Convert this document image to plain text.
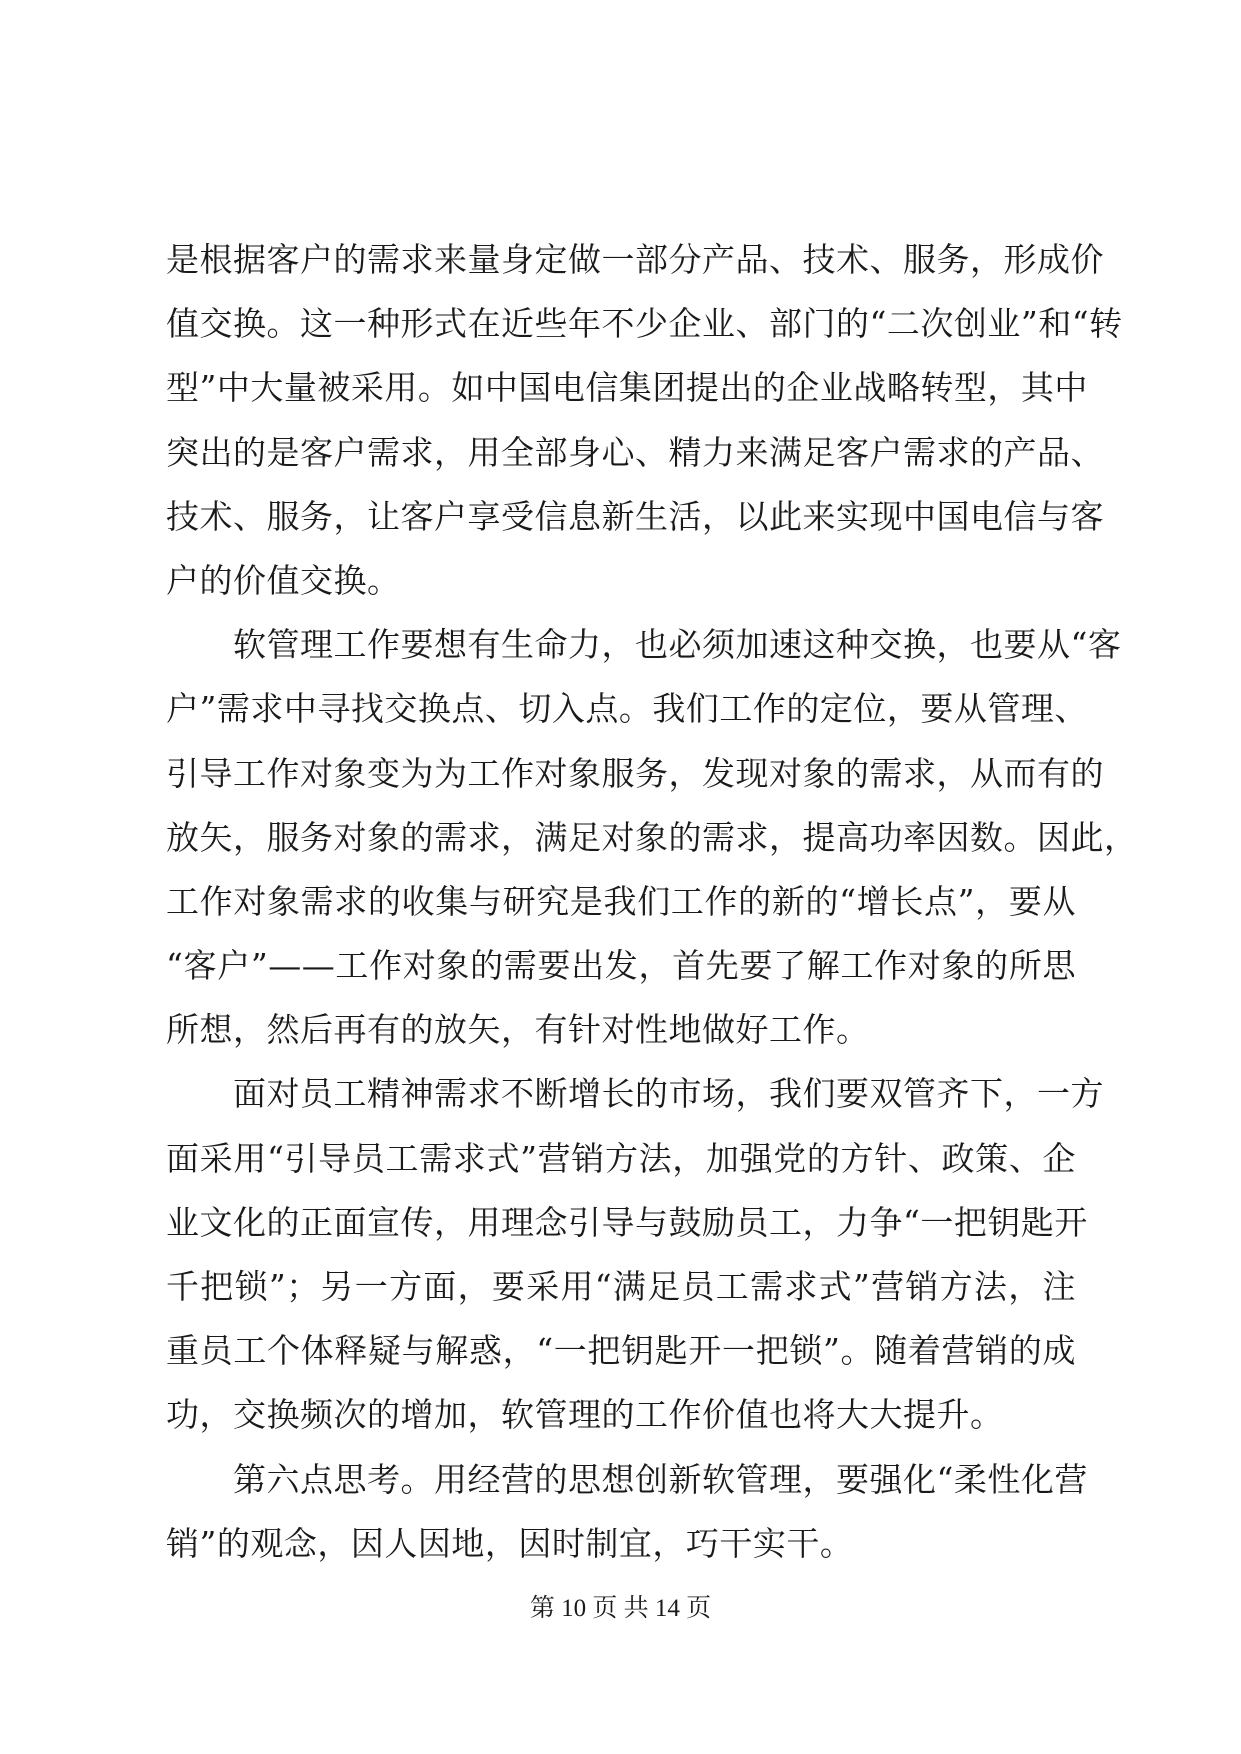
是根据客户的需求来量身定做一部分产品、技术、服务，形成价
值交换。这一种形式在近些年不少企业、部门的“二次创业”和“转
型”中大量被采用。如中国电信集团提出的企业战略转型，其中
突出的是客户需求，用全部身心、精力来满足客户需求的产品、
技术、服务，让客户享受信息新生活，以此来实现中国电信与客
户的价值交换。
软管理工作要想有生命力，也必须加速这种交换，也要从“客
户”需求中寻找交换点、切入点。我们工作的定位，要从管理、
引导工作对象变为为工作对象服务，发现对象的需求，从而有的
放矢，服务对象的需求，满足对象的需求，提高功率因数。因此，
工作对象需求的收集与研究是我们工作的新的“增长点”，要从
“客户”——工作对象的需要出发，首先要了解工作对象的所思
所想，然后再有的放矢，有针对性地做好工作。
面对员工精神需求不断增长的市场，我们要双管齐下，一方
面采用“引导员工需求式”营销方法，加强党的方针、政策、企
业文化的正面宣传，用理念引导与鼓励员工，力争“一把钥匙开
千把锁”；另一方面，要采用“满足员工需求式”营销方法，注
重员工个体释疑与解惑，“一把钥匙开一把锁”。随着营销的成
功，交换频次的增加，软管理的工作价值也将大大提升。
第六点思考。用经营的思想创新软管理，要强化“柔性化营
销”的观念，因人因地，因时制宜，巧干实干。
第 10 页 共 14 页
